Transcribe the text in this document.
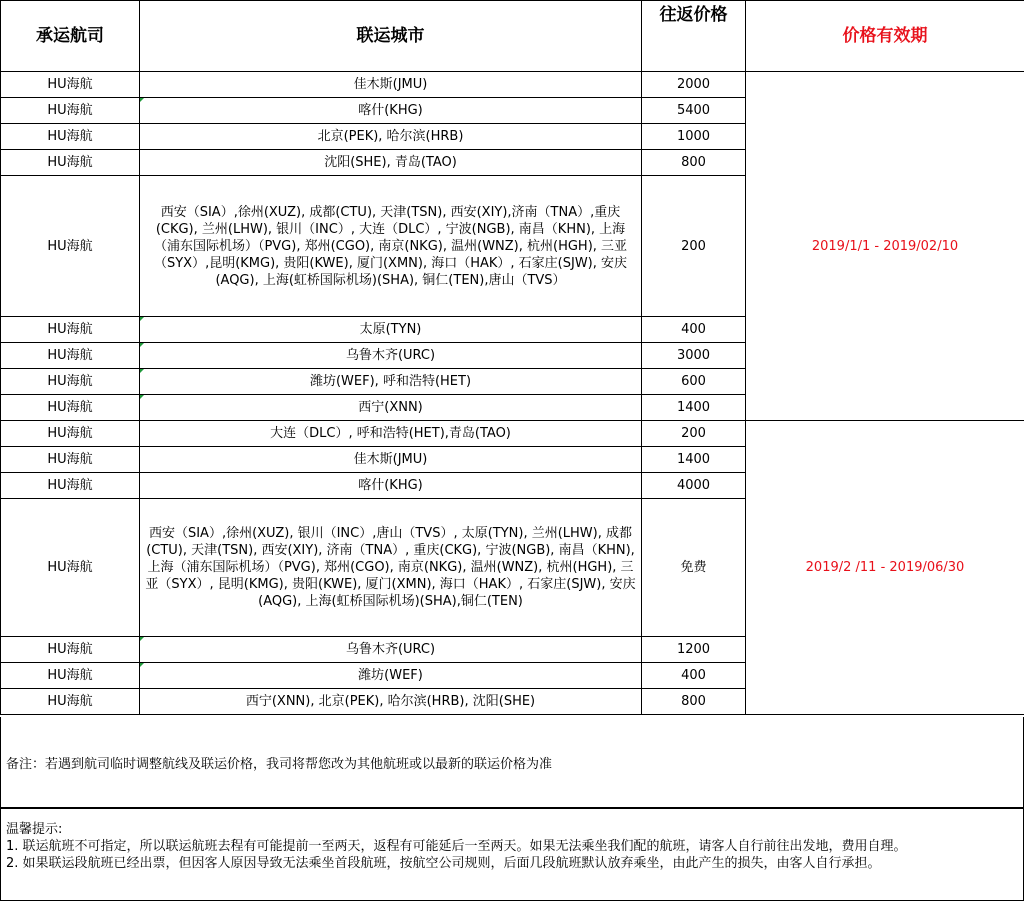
承运航司	联运城市	往返价格	价格有效期
HU海航	佳木斯(JMU)	2000	2019/1/1 - 2019/02/10
HU海航	喀什(KHG)	5400	
HU海航	北京(PEK), 哈尔滨(HRB)	1000	
HU海航	沈阳(SHE), 青岛(TAO)	800	
HU海航	西安（SIA）,徐州(XUZ), 成都(CTU), 天津(TSN), 西安(XIY),济南（TNA）,重庆(CKG), 兰州(LHW), 银川（INC）, 大连（DLC）, 宁波(NGB), 南昌（KHN), 上海（浦东国际机场）（PVG), 郑州(CGO), 南京(NKG), 温州(WNZ), 杭州(HGH), 三亚（SYX）,昆明(KMG), 贵阳(KWE), 厦门(XMN), 海口（HAK）, 石家庄(SJW), 安庆(AQG), 上海(虹桥国际机场)(SHA), 铜仁(TEN),唐山（TVS）	200	
HU海航	太原(TYN)	400	
HU海航	乌鲁木齐(URC)	3000	
HU海航	潍坊(WEF), 呼和浩特(HET)	600	
HU海航	西宁(XNN)	1400	
HU海航	大连（DLC）, 呼和浩特(HET),青岛(TAO)	200	2019/2 /11 - 2019/06/30
HU海航	佳木斯(JMU)	1400	
HU海航	喀什(KHG)	4000	
HU海航	西安（SIA）,徐州(XUZ), 银川（INC）,唐山（TVS）, 太原(TYN), 兰州(LHW), 成都(CTU), 天津(TSN), 西安(XIY), 济南（TNA）, 重庆(CKG), 宁波(NGB), 南昌（KHN), 上海（浦东国际机场）（PVG), 郑州(CGO), 南京(NKG), 温州(WNZ), 杭州(HGH), 三亚（SYX）, 昆明(KMG), 贵阳(KWE), 厦门(XMN), 海口（HAK）, 石家庄(SJW), 安庆(AQG), 上海(虹桥国际机场)(SHA),铜仁(TEN)	免费	
HU海航	乌鲁木齐(URC)	1200	
HU海航	潍坊(WEF)	400	
HU海航	西宁(XNN), 北京(PEK), 哈尔滨(HRB), 沈阳(SHE)	800	
备注：若遇到航司临时调整航线及联运价格，我司将帮您改为其他航班或以最新的联运价格为准
温馨提示:
1. 联运航班不可指定，所以联运航班去程有可能提前一至两天，返程有可能延后一至两天。如果无法乘坐我们配的航班，请客人自行前往出发地，费用自理。
2. 如果联运段航班已经出票，但因客人原因导致无法乘坐首段航班，按航空公司规则，后面几段航班默认放弃乘坐，由此产生的损失，由客人自行承担。
